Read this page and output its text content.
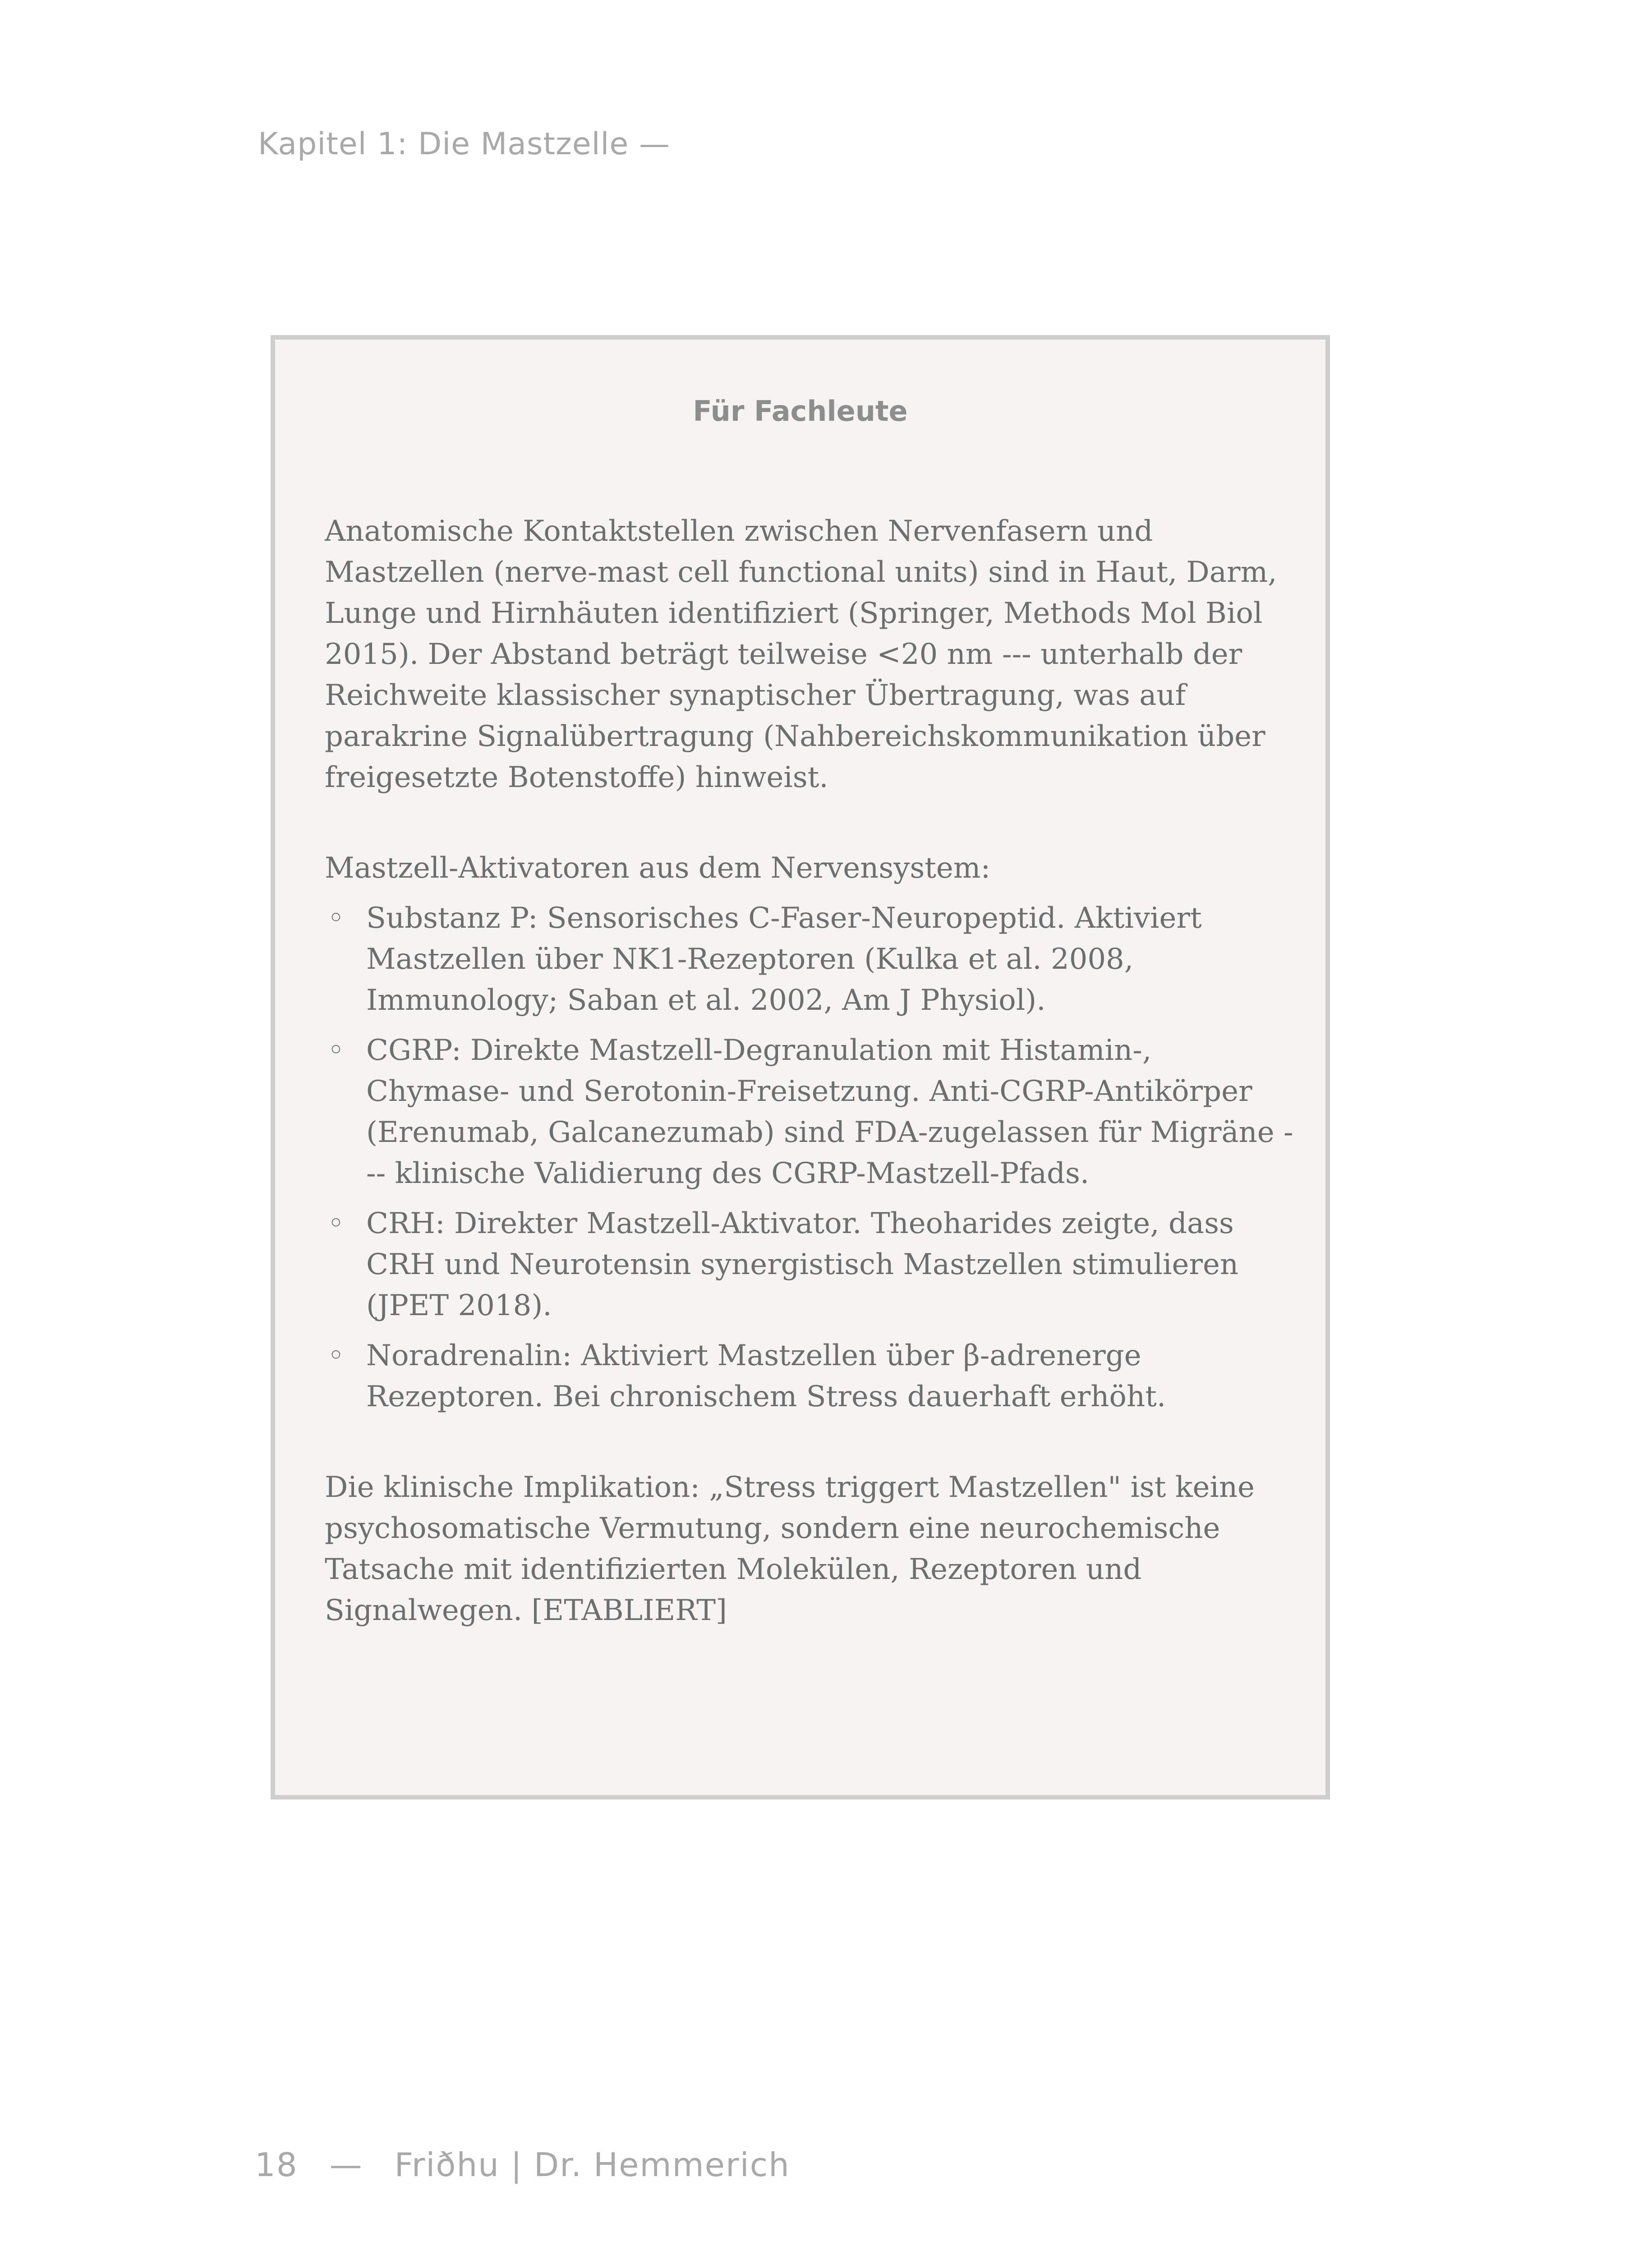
Kapitel 1: Die Mastzelle —
Für Fachleute

Anatomische Kontaktstellen zwischen Nervenfasern und Mastzellen (nerve-mast cell functional units) sind in Haut, Darm, Lunge und Hirnhäuten identifiziert (Springer, Methods Mol Biol 2015). Der Abstand beträgt teilweise <20 nm --- unterhalb der Reichweite klassischer synaptischer Übertragung, was auf parakrine Signalübertragung (Nahbereichskommunikation über freigesetzte Botenstoffe) hinweist.

Mastzell-Aktivatoren aus dem Nervensystem:

◦ Substanz P: Sensorisches C-Faser-Neuropeptid. Aktiviert Mastzellen über NK1-Rezeptoren (Kulka et al. 2008, Immunology; Saban et al. 2002, Am J Physiol).
◦ CGRP: Direkte Mastzell-Degranulation mit Histamin-, Chymase- und Serotonin-Freisetzung. Anti-CGRP-Antikörper (Erenumab, Galcanezumab) sind FDA-zugelassen für Migräne --- klinische Validierung des CGRP-Mastzell-Pfads.
◦ CRH: Direkter Mastzell-Aktivator. Theoharides zeigte, dass CRH und Neurotensin synergistisch Mastzellen stimulieren (JPET 2018).
◦ Noradrenalin: Aktiviert Mastzellen über β-adrenerge Rezeptoren. Bei chronischem Stress dauerhaft erhöht.

Die klinische Implikation: „Stress triggert Mastzellen" ist keine psychosomatische Vermutung, sondern eine neurochemische Tatsache mit identifizierten Molekülen, Rezeptoren und Signalwegen. [ETABLIERT]

18 — Friðhu | Dr. Hemmerich
